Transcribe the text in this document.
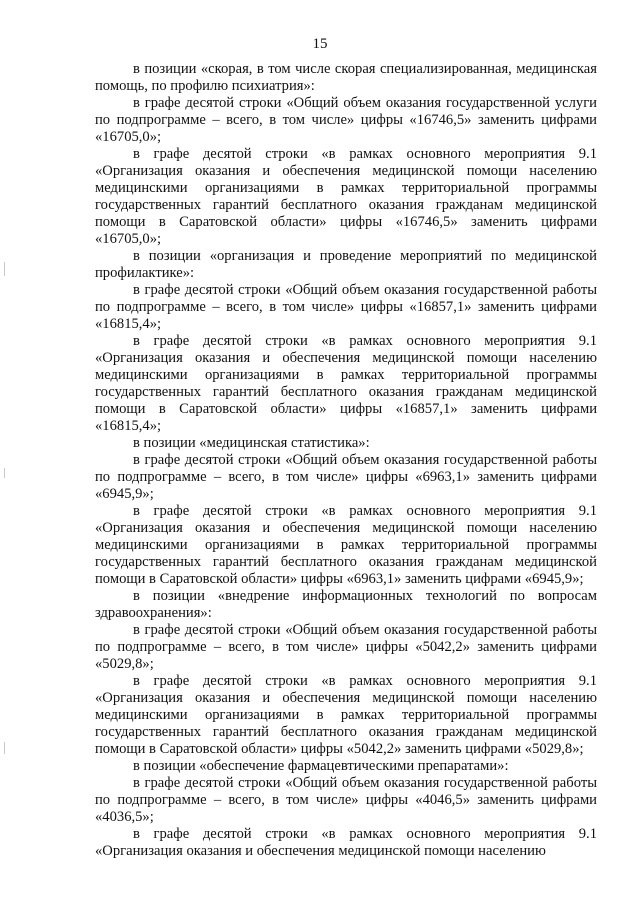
15

в позиции «скорая, в том числе скорая специализированная, медицинская помощь, по профилю психиатрия»:

в графе десятой строки «Общий объем оказания государственной услуги по подпрограмме – всего, в том числе» цифры «16746,5» заменить цифрами «16705,0»;

в графе десятой строки «в рамках основного мероприятия 9.1 «Организация оказания и обеспечения медицинской помощи населению медицинскими организациями в рамках территориальной программы государственных гарантий бесплатного оказания гражданам медицинской помощи в Саратовской области» цифры «16746,5» заменить цифрами «16705,0»;

в позиции «организация и проведение мероприятий по медицинской профилактике»:

в графе десятой строки «Общий объем оказания государственной работы по подпрограмме – всего, в том числе» цифры «16857,1» заменить цифрами «16815,4»;

в графе десятой строки «в рамках основного мероприятия 9.1 «Организация оказания и обеспечения медицинской помощи населению медицинскими организациями в рамках территориальной программы государственных гарантий бесплатного оказания гражданам медицинской помощи в Саратовской области» цифры «16857,1» заменить цифрами «16815,4»;

в позиции «медицинская статистика»:

в графе десятой строки «Общий объем оказания государственной работы по подпрограмме – всего, в том числе» цифры «6963,1» заменить цифрами «6945,9»;

в графе десятой строки «в рамках основного мероприятия 9.1 «Организация оказания и обеспечения медицинской помощи населению медицинскими организациями в рамках территориальной программы государственных гарантий бесплатного оказания гражданам медицинской помощи в Саратовской области» цифры «6963,1» заменить цифрами «6945,9»;

в позиции «внедрение информационных технологий по вопросам здравоохранения»:

в графе десятой строки «Общий объем оказания государственной работы по подпрограмме – всего, в том числе» цифры «5042,2» заменить цифрами «5029,8»;

в графе десятой строки «в рамках основного мероприятия 9.1 «Организация оказания и обеспечения медицинской помощи населению медицинскими организациями в рамках территориальной программы государственных гарантий бесплатного оказания гражданам медицинской помощи в Саратовской области» цифры «5042,2» заменить цифрами «5029,8»;

в позиции «обеспечение фармацевтическими препаратами»:

в графе десятой строки «Общий объем оказания государственной работы по подпрограмме – всего, в том числе» цифры «4046,5» заменить цифрами «4036,5»;

в графе десятой строки «в рамках основного мероприятия 9.1 «Организация оказания и обеспечения медицинской помощи населению
